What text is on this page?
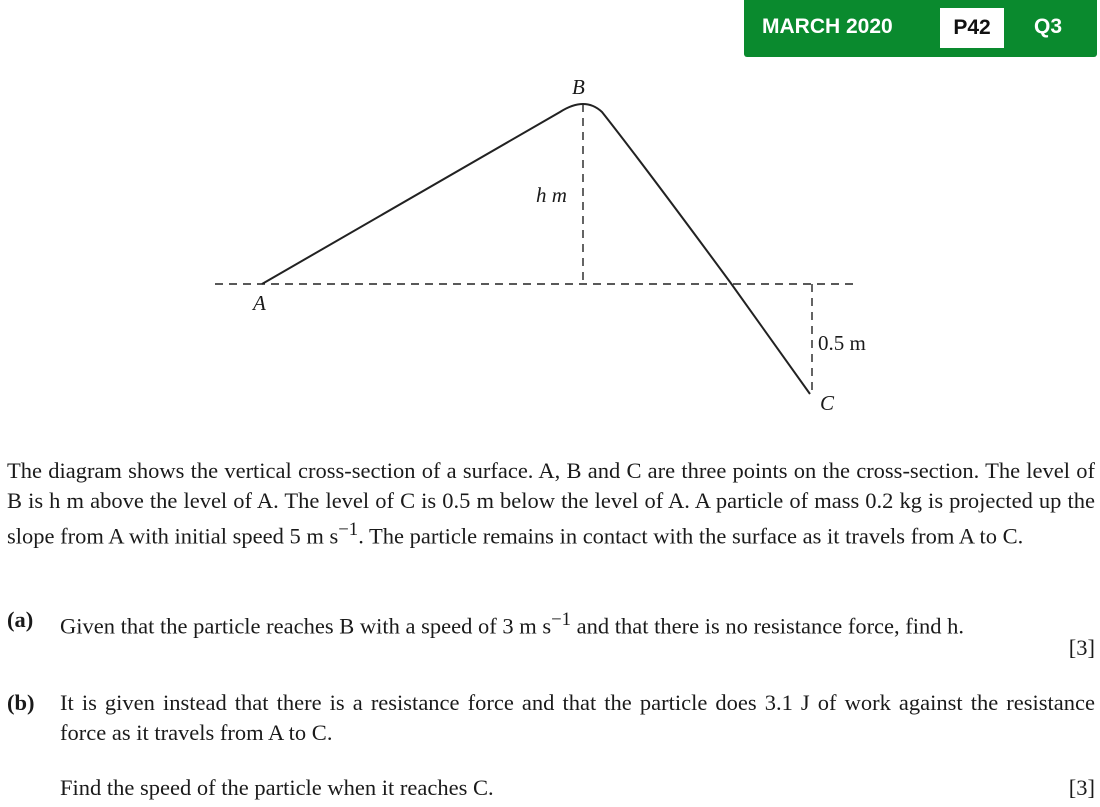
MARCH 2020	P42	Q3
A
B
C
h m
0.5 m
The diagram shows the vertical cross-section of a surface. A, B and C are three points on the cross-section. The level of B is h m above the level of A. The level of C is 0.5 m below the level of A. A particle of mass 0.2 kg is projected up the slope from A with initial speed 5 m $s^{-1}$. The particle remains in contact with the surface as it travels from A to C.
(a) Given that the particle reaches B with a speed of 3 m $s^{-1}$ and that there is no resistance force, find h.
[3]
(b) It is given instead that there is a resistance force and that the particle does 3.1 J of work against the resistance force as it travels from A to C.
Find the speed of the particle when it reaches C.	[3]
